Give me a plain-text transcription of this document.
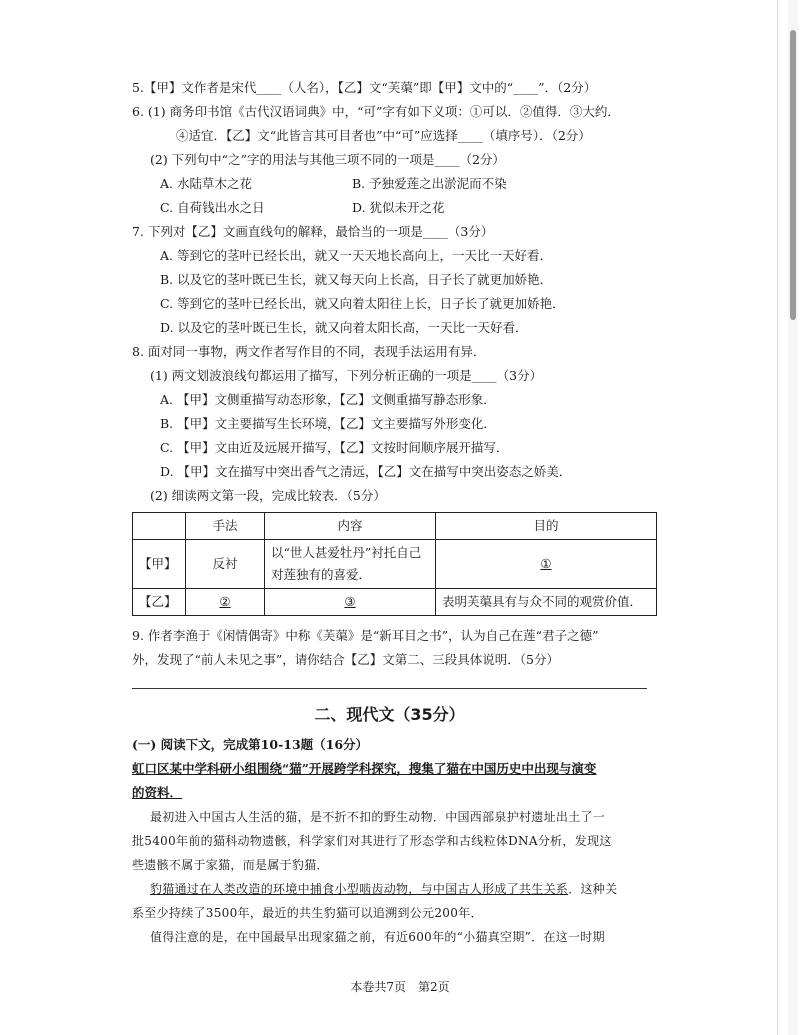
5.【甲】文作者是宋代____（人名），【乙】文“芙蕖”即【甲】文中的“____”．（2分）
6. (1) 商务印书馆《古代汉语词典》中，“可”字有如下义项：①可以．②值得．③大约．
④适宜．【乙】文“此皆言其可目者也”中“可”应选择____（填序号）．（2分）
(2) 下列句中“之”字的用法与其他三项不同的一项是____（2分）
A. 水陆草木之花	B. 予独爱莲之出淤泥而不染
C. 自荷钱出水之日	D. 犹似未开之花
7. 下列对【乙】文画直线句的解释，最恰当的一项是____（3分）
A. 等到它的茎叶已经长出，就又一天天地长高向上，一天比一天好看．
B. 以及它的茎叶既已生长，就又每天向上长高，日子长了就更加娇艳．
C. 等到它的茎叶已经长出，就又向着太阳往上长，日子长了就更加娇艳．
D. 以及它的茎叶既已生长，就又向着太阳长高，一天比一天好看．
8. 面对同一事物，两文作者写作目的不同，表现手法运用有异．
(1) 两文划波浪线句都运用了描写，下列分析正确的一项是____（3分）
A. 【甲】文侧重描写动态形象，【乙】文侧重描写静态形象．
B. 【甲】文主要描写生长环境，【乙】文主要描写外形变化．
C. 【甲】文由近及远展开描写，【乙】文按时间顺序展开描写．
D. 【甲】文在描写中突出香气之清远，【乙】文在描写中突出姿态之娇美．
(2) 细读两文第一段，完成比较表．（5分）
	手法	内容	目的
【甲】	反衬	以“世人甚爱牡丹”衬托自己对莲独有的喜爱．	①
【乙】	②	③	表明芙蕖具有与众不同的观赏价值．
9. 作者李渔于《闲情偶寄》中称《芙蕖》是“新耳目之书”，认为自己在莲“君子之德”
外，发现了“前人未见之事”，请你结合【乙】文第二、三段具体说明．（5分）
二、现代文（35分）
(一) 阅读下文，完成第10-13题（16分）
虹口区某中学科研小组围绕“猫”开展跨学科探究，搜集了猫在中国历史中出现与演变
的资料．
最初进入中国古人生活的猫，是不折不扣的野生动物．中国西部泉护村遗址出土了一
批5400年前的猫科动物遗骸，科学家们对其进行了形态学和古线粒体DNA分析，发现这
些遗骸不属于家猫，而是属于豹猫．
豹猫通过在人类改造的环境中捕食小型啮齿动物，与中国古人形成了共生关系．这种关
系至少持续了3500年，最近的共生豹猫可以追溯到公元200年．
值得注意的是，在中国最早出现家猫之前，有近600年的“小猫真空期”．在这一时期
本卷共7页　第2页
